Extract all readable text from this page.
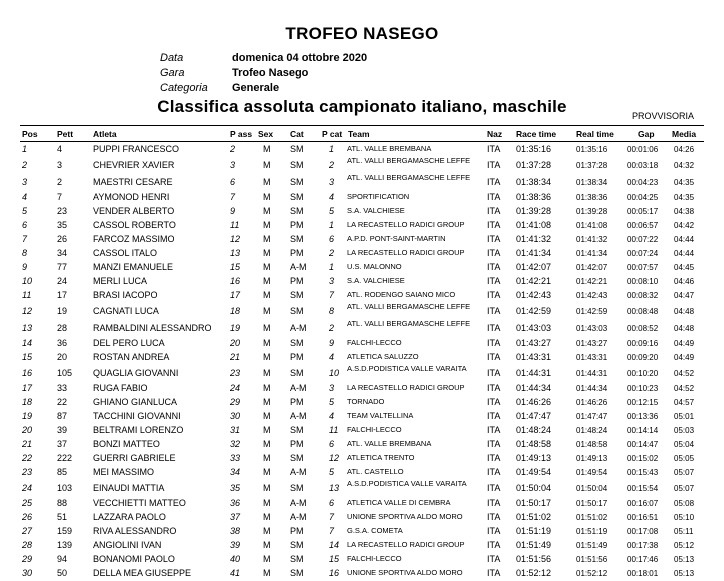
TROFEO NASEGO
Data	domenica 04 ottobre 2020
Gara	Trofeo Nasego
Categoria Generale
Classifica assoluta campionato italiano, maschile	PROVVISORIA
Pos Pett Atleta	P ass Sex Cat P cat Team	Naz Race time Real time	Gap Media
1	4	PUPPI FRANCESCO	2	M SM	1 ATL. VALLE BREMBANA	ITA 01:35:16	01:35:16 00:01:06 04:26
2	3	CHEVRIER XAVIER	3	M SM	2 ATL. VALLI BERGAMASCHE LEFFE	ITA 01:37:28	01:37:28 00:03:18 04:32
3	2	MAESTRI CESARE	6	M SM	3 ATL. VALLI BERGAMASCHE LEFFE	ITA 01:38:34	01:38:34 00:04:23 04:35
4	7	AYMONOD HENRI	7	M SM	4 SPORTIFICATION	ITA 01:38:36	01:38:36 00:04:25 04:35
5	23	VENDER ALBERTO	9	M SM	5 S.A. VALCHIESE	ITA 01:39:28	01:39:28 00:05:17 04:38
6	35	CASSOL ROBERTO	11	M PM	1 LA RECASTELLO RADICI GROUP	ITA 01:41:08	01:41:08 00:06:57 04:42
7	26	FARCOZ MASSIMO	12	M SM	6 A.P.D. PONT-SAINT-MARTIN	ITA 01:41:32	01:41:32 00:07:22 04:44
8	34	CASSOL ITALO	13	M PM	2 LA RECASTELLO RADICI GROUP	ITA 01:41:34	01:41:34 00:07:24 04:44
9	77	MANZI EMANUELE	15	M A-M	1 U.S. MALONNO	ITA 01:42:07	01:42:07 00:07:57 04:45
10	24	MERLI LUCA	16	M PM	3 S.A. VALCHIESE	ITA 01:42:21	01:42:21 00:08:10 04:46
11	17	BRASI IACOPO	17	M SM	7 ATL. RODENGO SAIANO MICO	ITA 01:42:43	01:42:43 00:08:32 04:47
12	19	CAGNATI LUCA	18	M SM	8 ATL. VALLI BERGAMASCHE LEFFE	ITA 01:42:59	01:42:59 00:08:48 04:48
13	28	RAMBALDINI ALESSANDRO 19	M A-M	2 ATL. VALLI BERGAMASCHE LEFFE	ITA 01:43:03	01:43:03 00:08:52 04:48
14	36	DEL PERO LUCA	20	M SM	9 FALCHI-LECCO	ITA 01:43:27	01:43:27 00:09:16 04:49
15	20	ROSTAN ANDREA	21	M PM	4 ATLETICA SALUZZO	ITA 01:43:31	01:43:31 00:09:20 04:49
16	105 QUAGLIA GIOVANNI	23	M SM	10 A.S.D.PODISTICA VALLE VARAITA	ITA 01:44:31	01:44:31 00:10:20 04:52
17	33	RUGA FABIO	24	M A-M	3 LA RECASTELLO RADICI GROUP	ITA 01:44:34	01:44:34 00:10:23 04:52
18	22	GHIANO GIANLUCA	29	M PM	5 TORNADO	ITA 01:46:26	01:46:26 00:12:15 04:57
19	87	TACCHINI GIOVANNI	30	M A-M	4 TEAM VALTELLINA	ITA 01:47:47	01:47:47 00:13:36 05:01
20	39	BELTRAMI LORENZO	31	M SM	11 FALCHI-LECCO	ITA 01:48:24	01:48:24 00:14:14 05:03
21	37	BONZI MATTEO	32	M PM	6 ATL. VALLE BREMBANA	ITA 01:48:58	01:48:58 00:14:47 05:04
22	222 GUERRI GABRIELE	33	M SM	12 ATLETICA TRENTO	ITA 01:49:13	01:49:13 00:15:02 05:05
23	85	MEI MASSIMO	34	M A-M	5 ATL. CASTELLO	ITA 01:49:54	01:49:54 00:15:43 05:07
24	103 EINAUDI MATTIA	35	M SM	13 A.S.D.PODISTICA VALLE VARAITA	ITA 01:50:04	01:50:04 00:15:54 05:07
25	88	VECCHIETTI MATTEO	36	M A-M	6 ATLETICA VALLE DI CEMBRA	ITA 01:50:17	01:50:17 00:16:07 05:08
26	51	LAZZARA PAOLO	37	M A-M	7 UNIONE SPORTIVA ALDO MORO	ITA 01:51:02	01:51:02 00:16:51 05:10
27	159 RIVA ALESSANDRO	38	M PM	7 G.S.A. COMETA	ITA 01:51:19	01:51:19 00:17:08 05:11
28	139 ANGIOLINI IVAN	39	M SM	14 LA RECASTELLO RADICI GROUP	ITA 01:51:49	01:51:49 00:17:38 05:12
29	94	BONANOMI PAOLO	40	M SM	15 FALCHI-LECCO	ITA 01:51:56	01:51:56 00:17:46 05:13
30	50	DELLA MEA GIUSEPPE	41	M SM	16 UNIONE SPORTIVA ALDO MORO	ITA 01:52:12	01:52:12 00:18:01 05:13
